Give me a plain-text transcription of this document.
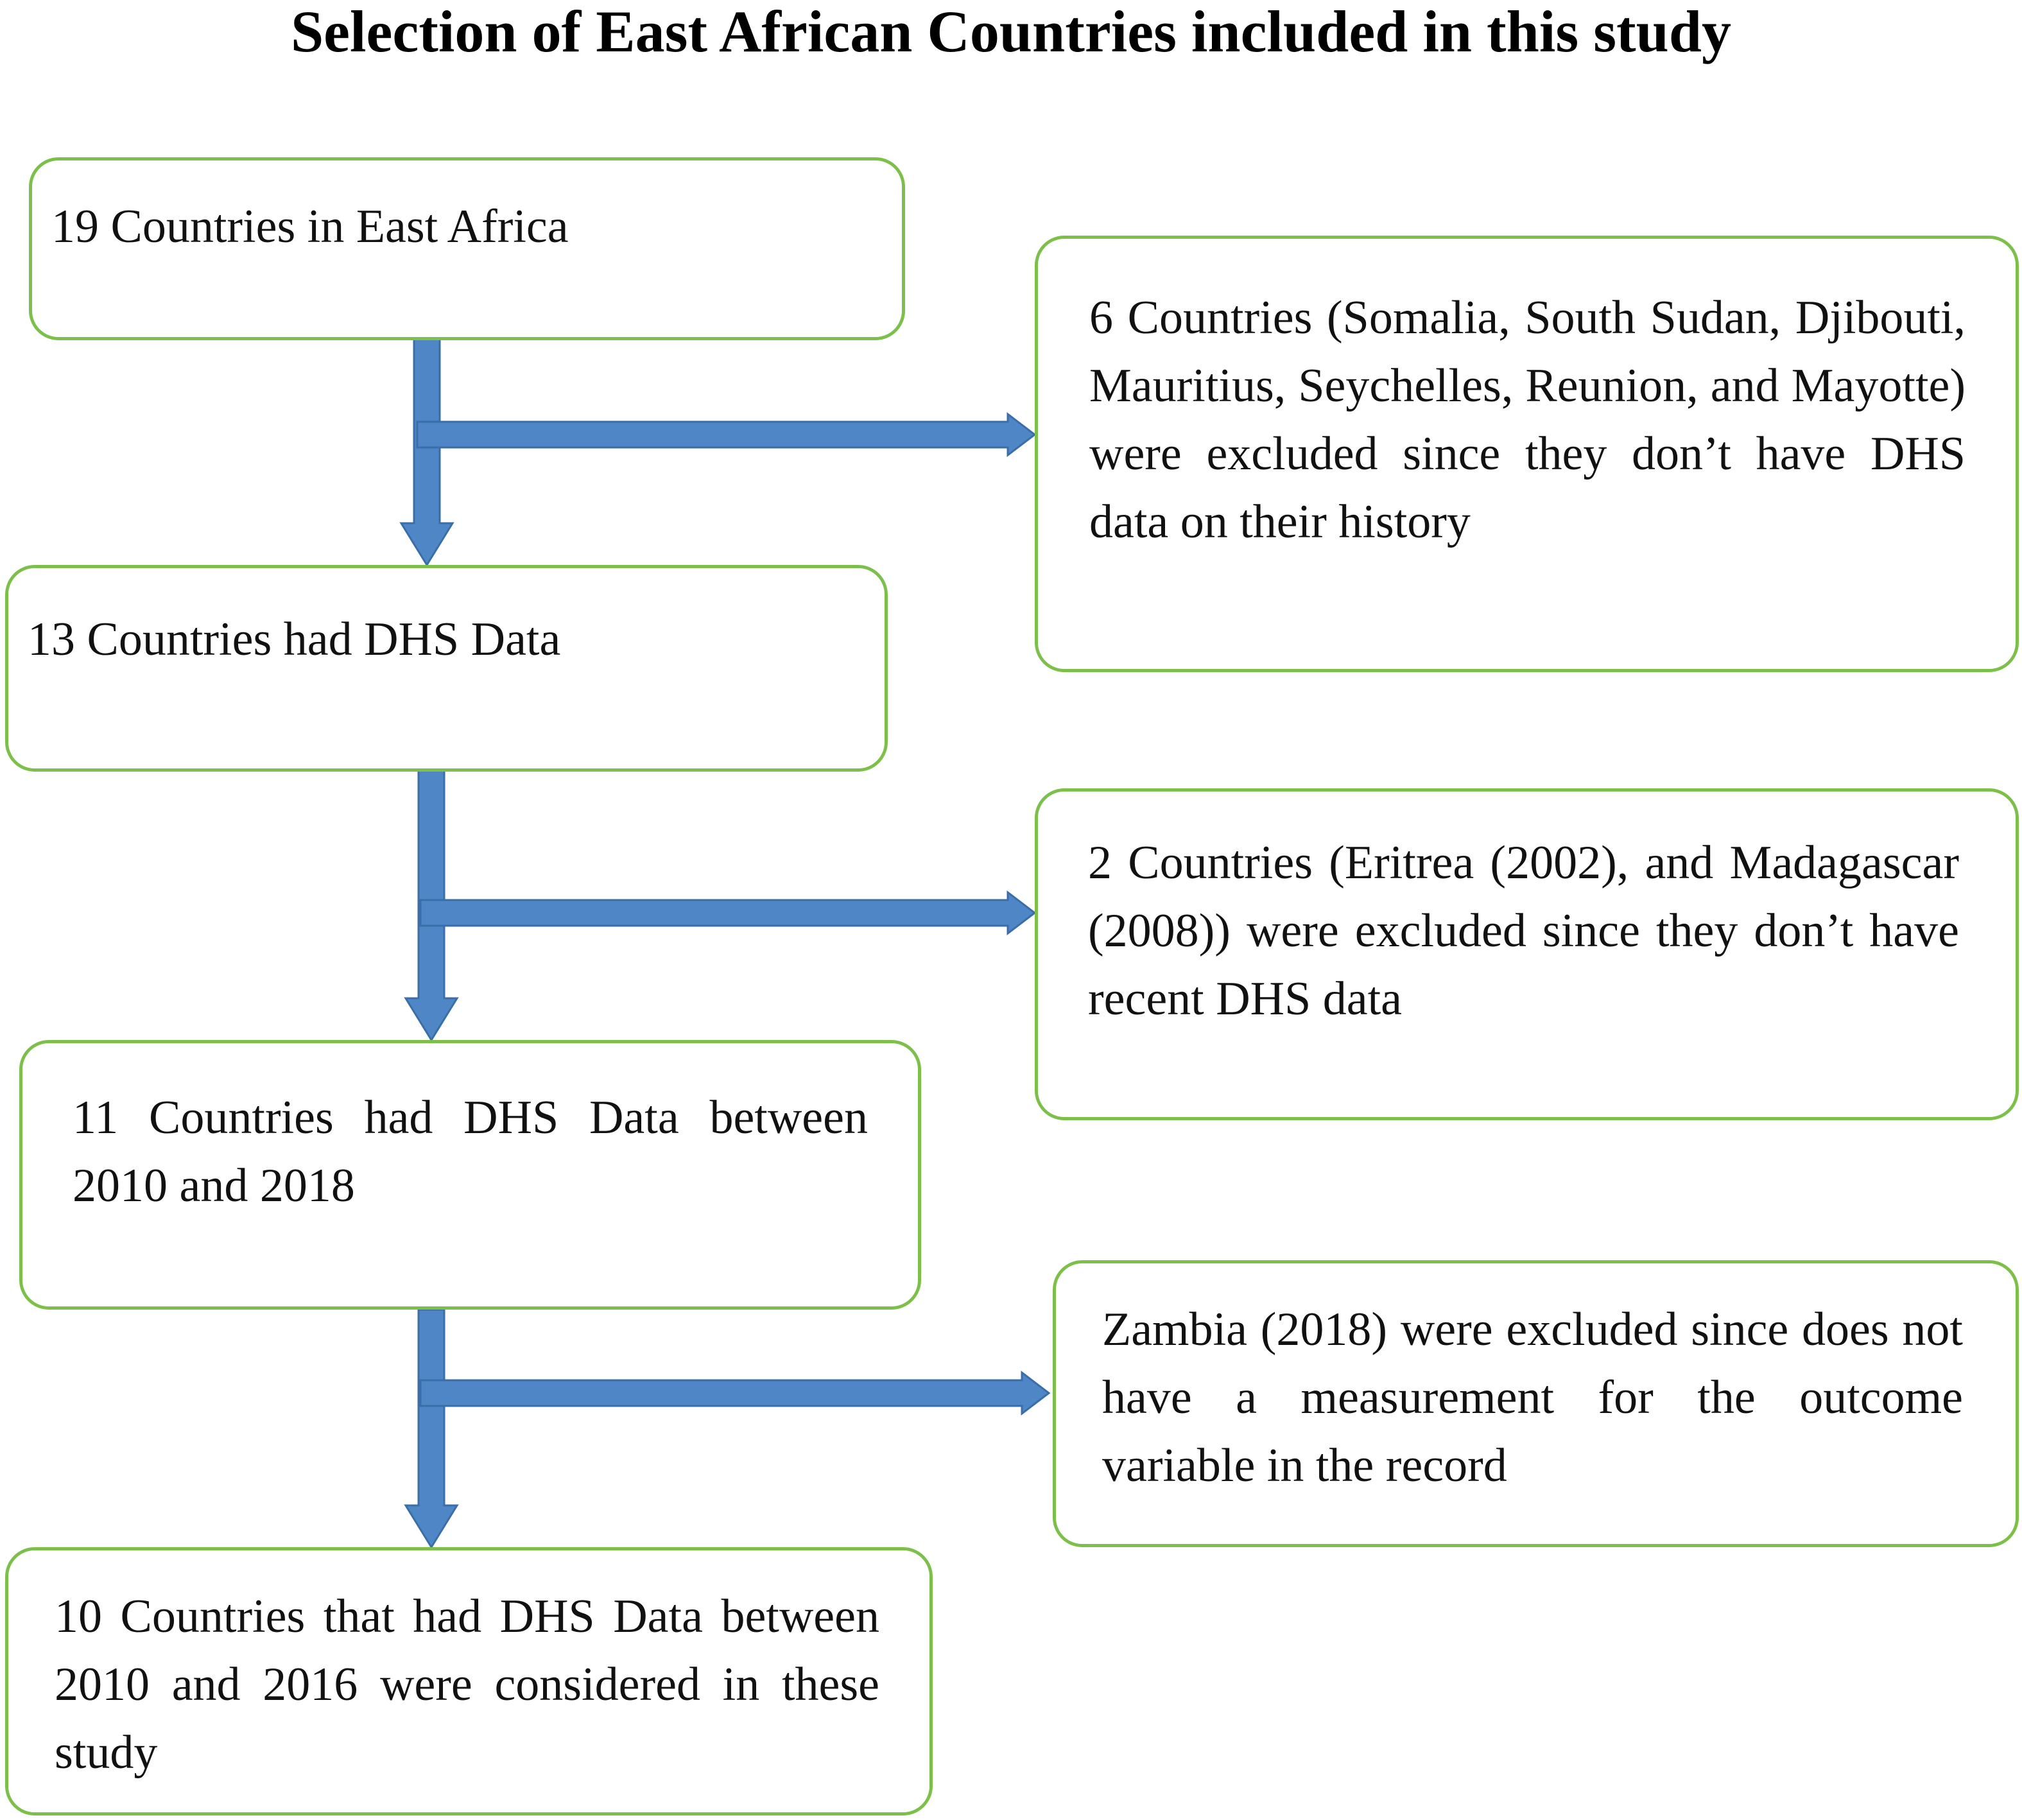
Selection of East African Countries included in this study

19 Countries in East Africa

6 Countries (Somalia, South Sudan, Djibouti, Mauritius, Seychelles, Reunion, and Mayotte) were excluded since they don’t have DHS data on their history

13 Countries had DHS Data

2 Countries (Eritrea (2002), and Madagascar (2008)) were excluded since they don’t have recent DHS data

11 Countries had DHS Data between 2010 and 2018

Zambia (2018) were excluded since does not have a measurement for the outcome variable in the record

10 Countries that had DHS Data between 2010 and 2016 were considered in these study
